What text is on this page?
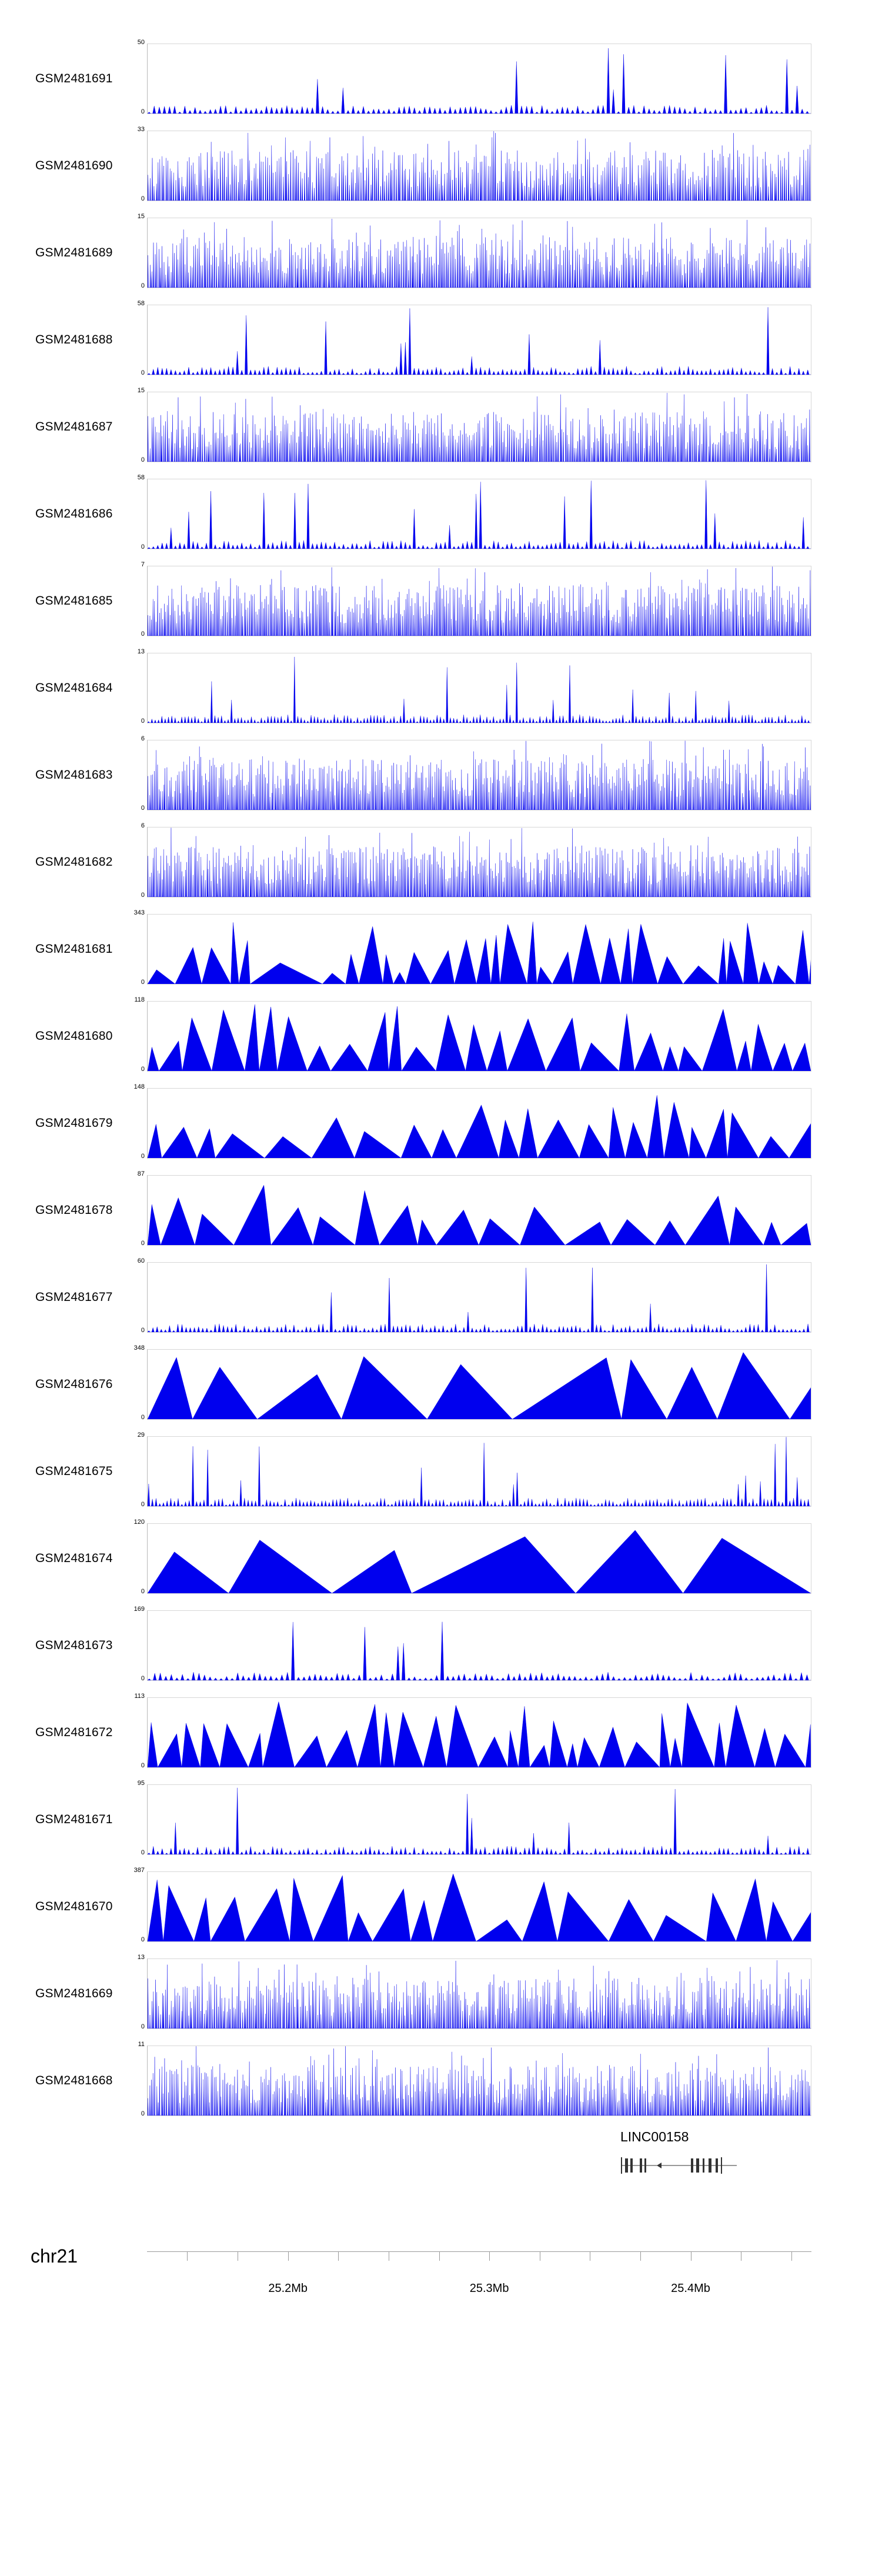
GSM2481691
50
0
GSM2481690
33
0
GSM2481689
15
0
GSM2481688
58
0
GSM2481687
15
0
GSM2481686
58
0
GSM2481685
7
0
GSM2481684
13
0
GSM2481683
6
0
GSM2481682
6
0
GSM2481681
343
0
GSM2481680
118
0
GSM2481679
148
0
GSM2481678
87
0
GSM2481677
60
0
GSM2481676
348
0
GSM2481675
29
0
GSM2481674
120
0
GSM2481673
169
0
GSM2481672
113
0
GSM2481671
95
0
GSM2481670
387
0
GSM2481669
13
0
GSM2481668
11
0
LINC00158
chr21
25.2Mb	25.3Mb	25.4Mb
